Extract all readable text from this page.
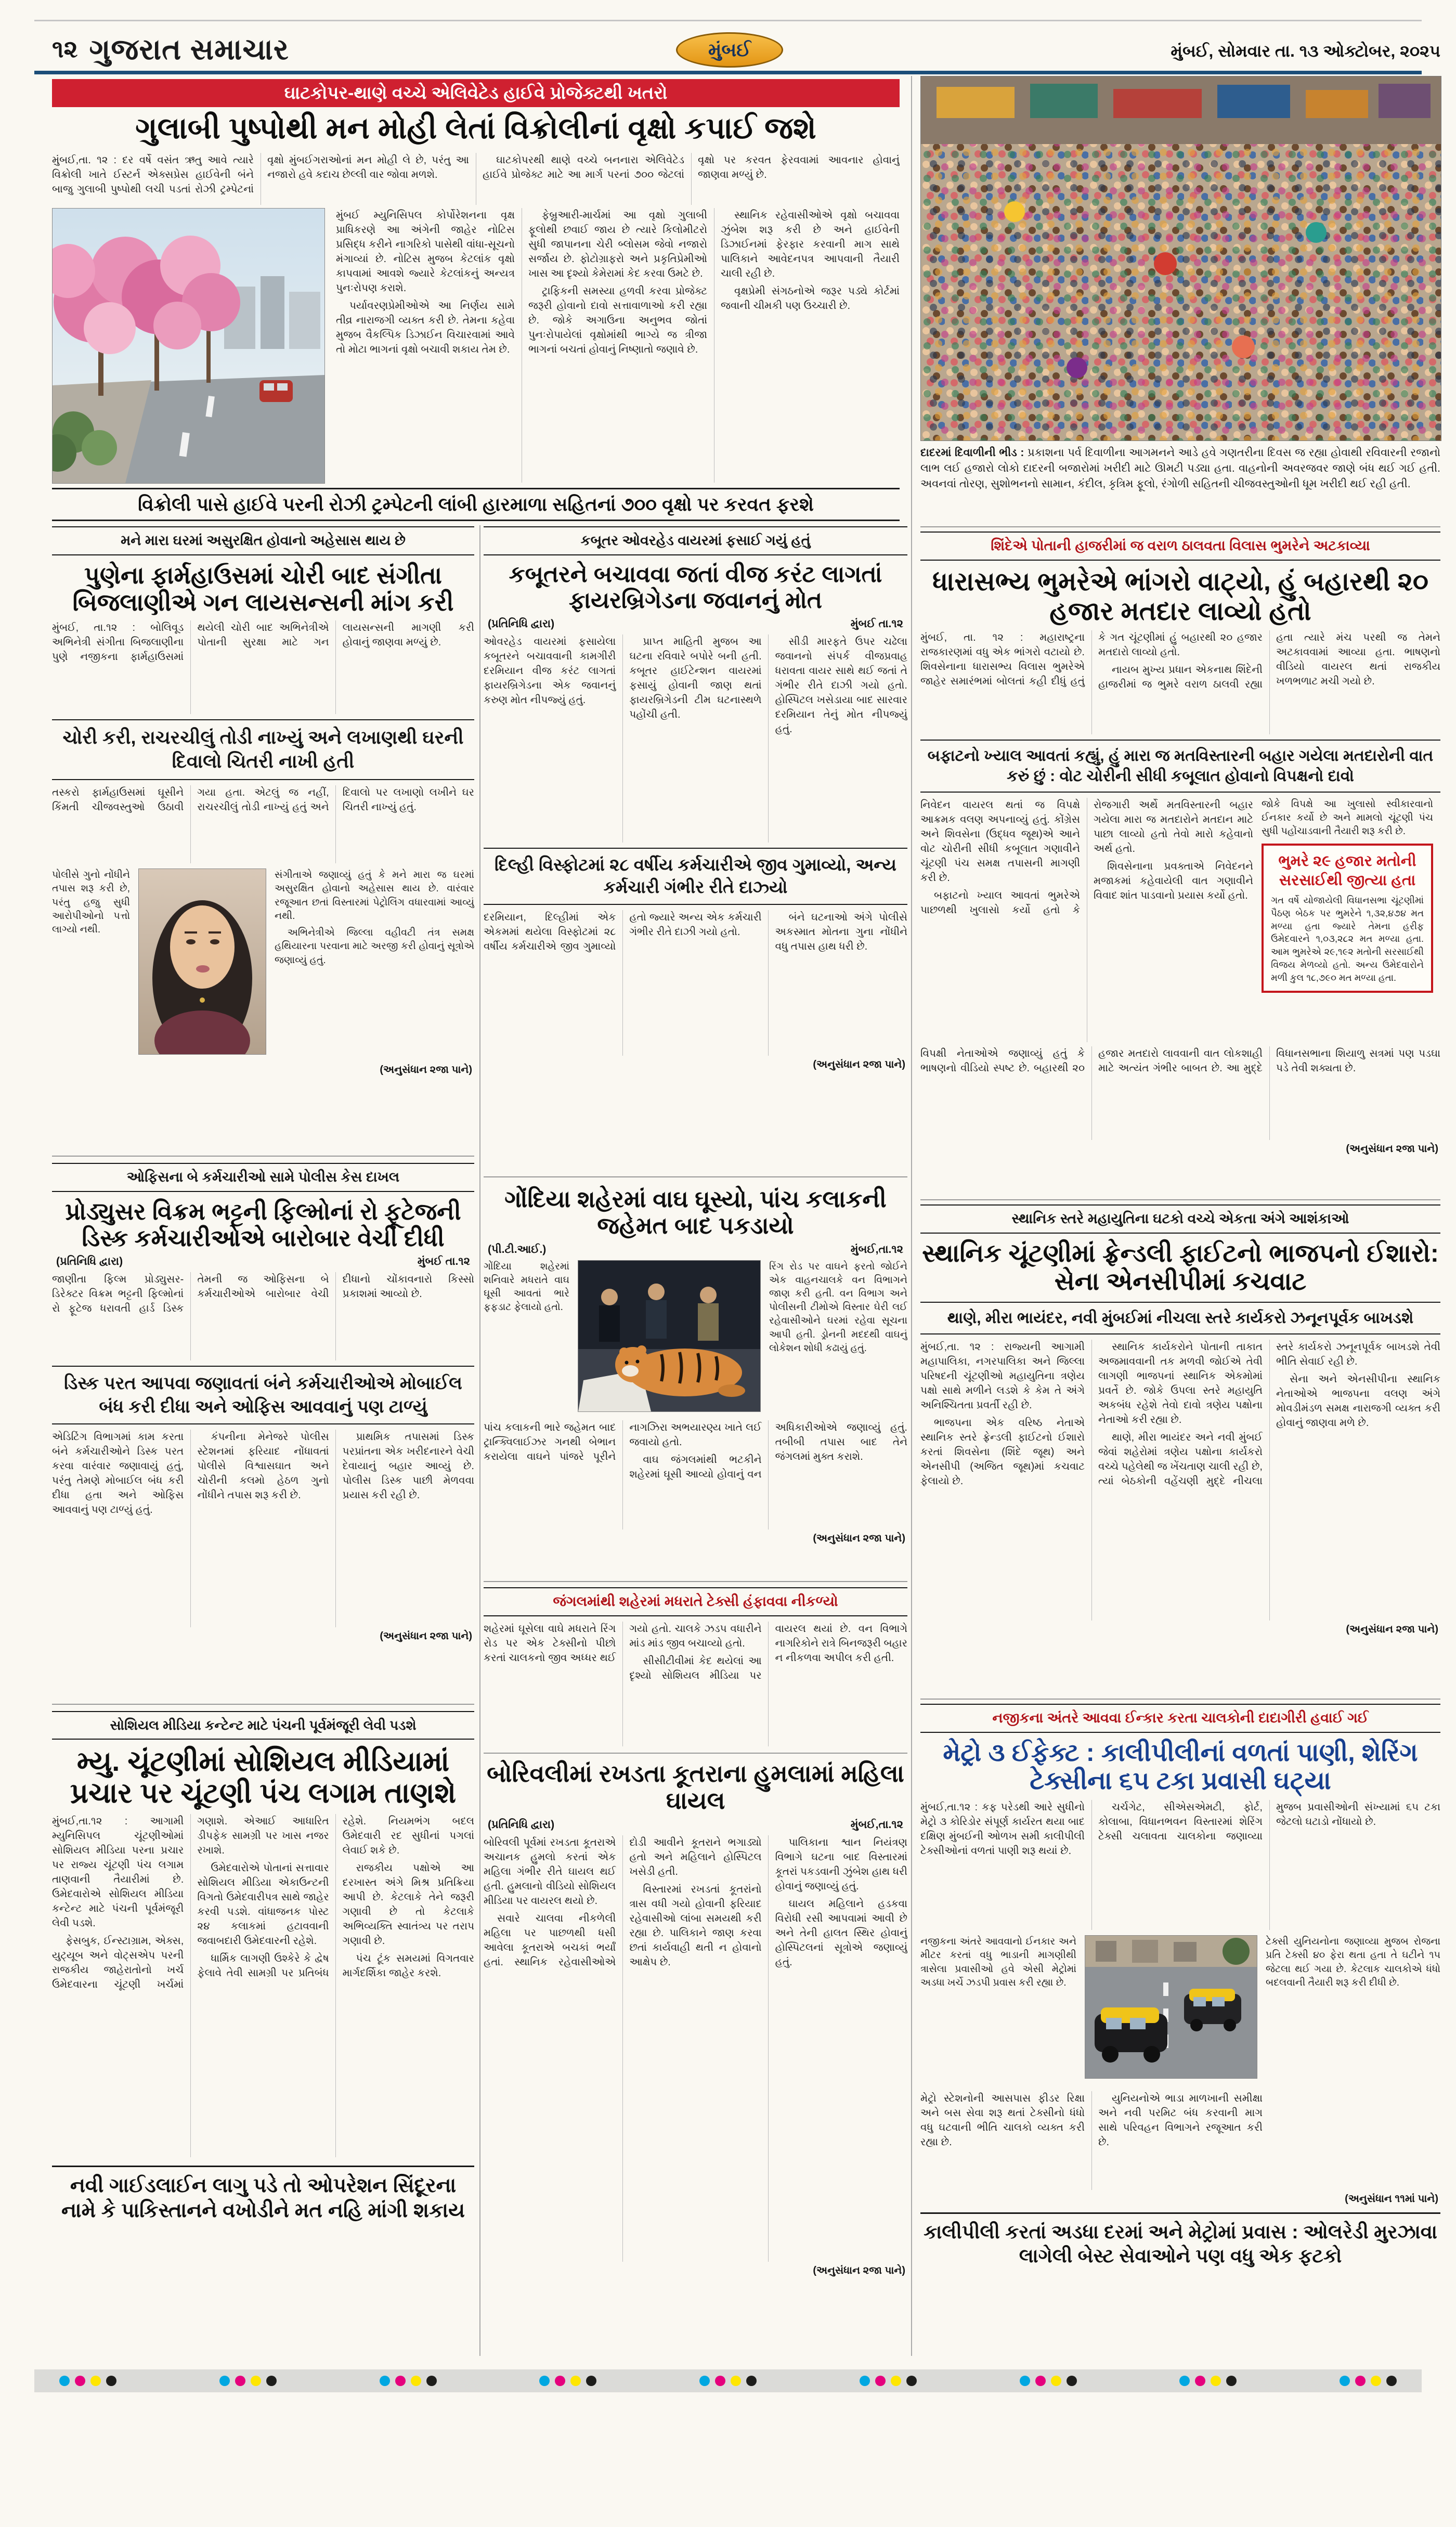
૧૨ ગુજરાત સમાચાર	મુંબઈ	મુંબઈ, સોમવાર તા. ૧૩ ઓક્ટોબર, ૨૦૨૫
ઘાટકોપર-થાણે વચ્ચે એલિવેટેડ હાઈવે પ્રોજેક્ટથી ખતરો
ગુલાબી પુષ્પોથી મન મોહી લેતાં વિક્રોલીનાં વૃક્ષો કપાઈ જશે

મુંબઈ,તા. ૧૨ : દર વર્ષે વસંત ઋતુ આવે ત્યારે વિક્રોલી ખાતે ઈસ્ટર્ન એક્સપ્રેસ હાઈવેની બંને બાજુ ગુલાબી પુષ્પોથી લચી પડતાં રોઝી ટ્રમ્પેટનાં વૃક્ષો મુંબઈગરાઓનાં મન મોહી લે છે, પરંતુ આ નજારો હવે કદાચ છેલ્લી વાર જોવા મળશે.

ઘાટકોપરથી થાણે વચ્ચે બનનારા એલિવેટેડ હાઈવે પ્રોજેક્ટ માટે આ માર્ગ પરનાં ૭૦૦ જેટલાં વૃક્ષો પર કરવત ફેરવવામાં આવનાર હોવાનું જાણવા મળ્યું છે.

મુંબઈ મ્યુનિસિપલ કોર્પોરેશનના વૃક્ષ પ્રાધિકરણે આ અંગેની જાહેર નોટિસ પ્રસિદ્ધ કરીને નાગરિકો પાસેથી વાંધા-સૂચનો મંગાવ્યાં છે. નોટિસ મુજબ કેટલાંક વૃક્ષો કાપવામાં આવશે જ્યારે કેટલાંકનું અન્યત્ર પુનઃરોપણ કરાશે.

પર્યાવરણપ્રેમીઓએ આ નિર્ણય સામે તીવ્ર નારાજગી વ્યક્ત કરી છે. તેમના કહેવા મુજબ વૈકલ્પિક ડિઝાઈન વિચારવામાં આવે તો મોટા ભાગનાં વૃક્ષો બચાવી શકાય તેમ છે.

ફેબ્રુઆરી-માર્ચમાં આ વૃક્ષો ગુલાબી ફૂલોથી છવાઈ જાય છે ત્યારે કિલોમીટરો સુધી જાપાનના ચેરી બ્લોસમ જેવો નજારો સર્જાય છે. ફોટોગ્રાફરો અને પ્રકૃતિપ્રેમીઓ ખાસ આ દૃશ્યો કેમેરામાં કેદ કરવા ઉમટે છે.

ટ્રાફિકની સમસ્યા હળવી કરવા પ્રોજેક્ટ જરૂરી હોવાનો દાવો સત્તાવાળાઓ કરી રહ્યા છે. જોકે અગાઉના અનુભવ જોતાં પુનઃરોપાયેલાં વૃક્ષોમાંથી ભાગ્યે જ ત્રીજા ભાગનાં બચતાં હોવાનું નિષ્ણાતો જણાવે છે.

સ્થાનિક રહેવાસીઓએ વૃક્ષો બચાવવા ઝુંબેશ શરૂ કરી છે અને હાઈવેની ડિઝાઈનમાં ફેરફાર કરવાની માગ સાથે પાલિકાને આવેદનપત્ર આપવાની તૈયારી ચાલી રહી છે.

વૃક્ષપ્રેમી સંગઠનોએ જરૂર પડ્યે કોર્ટમાં જવાની ચીમકી પણ ઉચ્ચારી છે.

વિક્રોલી પાસે હાઈવે પરની રોઝી ટ્રમ્પેટની લાંબી હારમાળા સહિતનાં ૭૦૦ વૃક્ષો પર કરવત ફરશે
દાદરમાં દિવાળીની ભીડ : પ્રકાશના પર્વ દિવાળીના આગમનને આડે હવે ગણતરીના દિવસ જ રહ્યા હોવાથી રવિવારની રજાનો લાભ લઈ હજારો લોકો દાદરની બજારોમાં ખરીદી માટે ઊમટી પડ્યા હતા. વાહનોની અવરજવર જાણે બંધ થઈ ગઈ હતી. અવનવાં તોરણ, સુશોભનનો સામાન, કંદીલ, કૃત્રિમ ફૂલો, રંગોળી સહિતની ચીજવસ્તુઓની ધૂમ ખરીદી થઈ રહી હતી.
શિંદેએ પોતાની હાજરીમાં જ વરાળ ઠાલવતા વિલાસ ભુમરેને અટકાવ્યા
ધારાસભ્ય ભુમરેએ ભાંગરો વાટ્યો, હું બહારથી ૨૦ હજાર મતદાર લાવ્યો હતો

મુંબઈ, તા. ૧૨ : મહારાષ્ટ્રના રાજકારણમાં વધુ એક ભાંગરો વટાયો છે. શિવસેનાના ધારાસભ્ય વિલાસ ભુમરેએ જાહેર સમારંભમાં બોલતાં કહી દીધું હતું કે ગત ચૂંટણીમાં હું બહારથી ૨૦ હજાર મતદારો લાવ્યો હતો.

નાયબ મુખ્ય પ્રધાન એકનાથ શિંદેની હાજરીમાં જ ભુમરે વરાળ ઠાલવી રહ્યા હતા ત્યારે મંચ પરથી જ તેમને અટકાવવામાં આવ્યા હતા. ભાષણનો વીડિયો વાયરલ થતાં રાજકીય ખળભળાટ મચી ગયો છે.

બફાટનો ખ્યાલ આવતાં કહ્યું, હું મારા જ મતવિસ્તારની બહાર ગયેલા મતદારોની વાત કરું છું : વોટ ચોરીની સીધી કબૂલાત હોવાનો વિપક્ષનો દાવો

નિવેદન વાયરલ થતાં જ વિપક્ષે આક્રમક વલણ અપનાવ્યું હતું. કોંગ્રેસ અને શિવસેના (ઉદ્ધવ જૂથ)એ આને વોટ ચોરીની સીધી કબૂલાત ગણાવીને ચૂંટણી પંચ સમક્ષ તપાસની માગણી કરી છે.

બફાટનો ખ્યાલ આવતાં ભુમરેએ પાછળથી ખુલાસો કર્યો હતો કે રોજગારી અર્થે મતવિસ્તારની બહાર ગયેલા મારા જ મતદારોને મતદાન માટે પાછા લાવ્યો હતો તેવો મારો કહેવાનો અર્થ હતો.

શિવસેનાના પ્રવક્તાએ નિવેદનને મજાકમાં કહેવાયેલી વાત ગણાવીને વિવાદ શાંત પાડવાનો પ્રયાસ કર્યો હતો.

જોકે વિપક્ષે આ ખુલાસો સ્વીકારવાનો ઈનકાર કર્યો છે અને મામલો ચૂંટણી પંચ સુધી પહોંચાડવાની તૈયારી શરૂ કરી છે.

ભુમરે ૨૯ હજાર મતોની સરસાઈથી જીત્યા હતા
ગત વર્ષે યોજાયેલી વિધાનસભા ચૂંટણીમાં પૈઠણ બેઠક પર ભુમરેને ૧,૩૨,૪૭૪ મત મળ્યા હતા જ્યારે તેમના હરીફ ઉમેદવારને ૧,૦૩,૨૮૨ મત મળ્યા હતા. આમ ભુમરેએ ૨૯,૧૯૨ મતોની સરસાઈથી વિજય મેળવ્યો હતો. અન્ય ઉમેદવારોને મળી કુલ ૧૮,૭૯૦ મત મળ્યા હતા.

વિપક્ષી નેતાઓએ જણાવ્યું હતું કે ભાષણનો વીડિયો સ્પષ્ટ છે. બહારથી ૨૦ હજાર મતદારો લાવવાની વાત લોકશાહી માટે અત્યંત ગંભીર બાબત છે. આ મુદ્દે વિધાનસભાના શિયાળુ સત્રમાં પણ પડઘા પડે તેવી શક્યતા છે.

(અનુસંધાન ૨જા પાને)
સ્થાનિક સ્તરે મહાયુતિના ઘટકો વચ્ચે એકતા અંગે આશંકાઓ
સ્થાનિક ચૂંટણીમાં ફ્રેન્ડલી ફાઈટનો ભાજપનો ઈશારો: સેના એનસીપીમાં કચવાટ
થાણે, મીરા ભાયંદર, નવી મુંબઈમાં નીચલા સ્તરે કાર્યકરો ઝનૂનપૂર્વક બાખડશે

મુંબઈ,તા. ૧૨ : રાજ્યની આગામી મહાપાલિકા, નગરપાલિકા અને જિલ્લા પરિષદની ચૂંટણીઓ મહાયુતિના ત્રણેય પક્ષો સાથે મળીને લડશે કે કેમ તે અંગે અનિશ્ચિતતા પ્રવર્તી રહી છે.

ભાજપના એક વરિષ્ઠ નેતાએ સ્થાનિક સ્તરે ફ્રેન્ડલી ફાઈટનો ઈશારો કરતાં શિવસેના (શિંદે જૂથ) અને એનસીપી (અજિત જૂથ)માં કચવાટ ફેલાયો છે.

સ્થાનિક કાર્યકરોને પોતાની તાકાત અજમાવવાની તક મળવી જોઈએ તેવી લાગણી ભાજપનાં સ્થાનિક એકમોમાં પ્રવર્તે છે. જોકે ઉપલા સ્તરે મહાયુતિ અકબંધ રહેશે તેવો દાવો ત્રણેય પક્ષોના નેતાઓ કરી રહ્યા છે.

થાણે, મીરા ભાયંદર અને નવી મુંબઈ જેવાં શહેરોમાં ત્રણેય પક્ષોના કાર્યકરો વચ્ચે પહેલેથી જ ખેંચતાણ ચાલી રહી છે, ત્યાં બેઠકોની વહેંચણી મુદ્દે નીચલા સ્તરે કાર્યકરો ઝનૂનપૂર્વક બાખડશે તેવી ભીતિ સેવાઈ રહી છે.

સેના અને એનસીપીના સ્થાનિક નેતાઓએ ભાજપના વલણ અંગે મોવડીમંડળ સમક્ષ નારાજગી વ્યક્ત કરી હોવાનું જાણવા મળે છે.

(અનુસંધાન ૨જા પાને)
નજીકના અંતરે આવવા ઈન્કાર કરતા ચાલકોની દાદાગીરી હવાઈ ગઈ
મેટ્રો ૩ ઈફેક્ટ : કાલીપીલીનાં વળતાં પાણી, શેરિંગ ટેક્સીના ૬૫ ટકા પ્રવાસી ઘટ્યા

મુંબઈ,તા.૧૨ : કફ પરેડથી આરે સુધીનો મેટ્રો ૩ કોરિડોર સંપૂર્ણ કાર્યરત થયા બાદ દક્ષિણ મુંબઈની ઓળખ સમી કાલીપીલી ટેક્સીઓનાં વળતાં પાણી શરૂ થયાં છે.

ચર્ચગેટ, સીએસએમટી, ફોર્ટ, કોલાબા, વિધાનભવન વિસ્તારમાં શેરિંગ ટેક્સી ચલાવતા ચાલકોના જણાવ્યા મુજબ પ્રવાસીઓની સંખ્યામાં ૬૫ ટકા જેટલો ઘટાડો નોંધાયો છે.

નજીકના અંતરે આવવાનો ઈનકાર અને મીટર કરતાં વધુ ભાડાની માગણીથી ત્રાસેલા પ્રવાસીઓ હવે એસી મેટ્રોમાં અડધા ખર્ચે ઝડપી પ્રવાસ કરી રહ્યા છે.

ટેક્સી યુનિયનોના જણાવ્યા મુજબ રોજના પ્રતિ ટેક્સી ૪૦ ફેરા થતા હતા તે ઘટીને ૧૫ જેટલા થઈ ગયા છે. કેટલાક ચાલકોએ ધંધો બદલવાની તૈયારી શરૂ કરી દીધી છે.

મેટ્રો સ્ટેશનોની આસપાસ ફીડર રિક્ષા અને બસ સેવા શરૂ થતાં ટેક્સીનો ધંધો વધુ ઘટવાની ભીતિ ચાલકો વ્યક્ત કરી રહ્યા છે.

યુનિયનોએ ભાડા માળખાની સમીક્ષા અને નવી પરમિટ બંધ કરવાની માગ સાથે પરિવહન વિભાગને રજૂઆત કરી છે.

(અનુસંધાન ૧૧માં પાને)
કાલીપીલી કરતાં અડધા દરમાં અને મેટ્રોમાં પ્રવાસ : ઓલરેડી મુરઝાવા લાગેલી બેસ્ટ સેવાઓને પણ વધુ એક ફટકો
મને મારા ઘરમાં અસુરક્ષિત હોવાનો અહેસાસ થાય છે
પુણેના ફાર્મહાઉસમાં ચોરી બાદ સંગીતા બિજલાણીએ ગન લાયસન્સની માંગ કરી

મુંબઈ, તા.૧૨ : બોલિવૂડ અભિનેત્રી સંગીતા બિજલાણીના પુણે નજીકના ફાર્મહાઉસમાં થયેલી ચોરી બાદ અભિનેત્રીએ પોતાની સુરક્ષા માટે ગન લાયસન્સની માગણી કરી હોવાનું જાણવા મળ્યું છે.

ચોરી કરી, રાચરચીલું તોડી નાખ્યું અને લખાણથી ઘરની દિવાલો ચિતરી નાખી હતી

તસ્કરો ફાર્મહાઉસમાં ઘૂસીને કિંમતી ચીજવસ્તુઓ ઉઠાવી ગયા હતા. એટલું જ નહીં, રાચરચીલું તોડી નાખ્યું હતું અને દિવાલો પર લખાણો લખીને ઘર ચિતરી નાખ્યું હતું.

પોલીસે ગુનો નોંધીને તપાસ શરૂ કરી છે, પરંતુ હજુ સુધી આરોપીઓનો પત્તો લાગ્યો નથી.

સંગીતાએ જણાવ્યું હતું કે મને મારા જ ઘરમાં અસુરક્ષિત હોવાનો અહેસાસ થાય છે. વારંવાર રજૂઆત છતાં વિસ્તારમાં પેટ્રોલિંગ વધારવામાં આવ્યું નથી.

અભિનેત્રીએ જિલ્લા વહીવટી તંત્ર સમક્ષ હથિયારના પરવાના માટે અરજી કરી હોવાનું સૂત્રોએ જણાવ્યું હતું.

(અનુસંધાન ૨જા પાને)
ઓફિસના બે કર્મચારીઓ સામે પોલીસ કેસ દાખલ
પ્રોડ્યુસર વિક્રમ ભટ્ટની ફિલ્મોનાં રો ફૂટેજની ડિસ્ક કર્મચારીઓએ બારોબાર વેચી દીધી
(પ્રતિનિધિ દ્વારા)	મુંબઈ તા.૧૨

જાણીતા ફિલ્મ પ્રોડ્યુસર-ડિરેક્ટર વિક્રમ ભટ્ટની ફિલ્મોનાં રો ફૂટેજ ધરાવતી હાર્ડ ડિસ્ક તેમની જ ઓફિસના બે કર્મચારીઓએ બારોબાર વેચી દીધાનો ચોંકાવનારો કિસ્સો પ્રકાશમાં આવ્યો છે.

ડિસ્ક પરત આપવા જણાવતાં બંને કર્મચારીઓએ મોબાઈલ બંધ કરી દીધા અને ઓફિસ આવવાનું પણ ટાળ્યું

એડિટિંગ વિભાગમાં કામ કરતા બંને કર્મચારીઓને ડિસ્ક પરત કરવા વારંવાર જણાવાયું હતું, પરંતુ તેમણે મોબાઈલ બંધ કરી દીધા હતા અને ઓફિસ આવવાનું પણ ટાળ્યું હતું.

કંપનીના મેનેજરે પોલીસ સ્ટેશનમાં ફરિયાદ નોંધાવતાં પોલીસે વિશ્વાસઘાત અને ચોરીની કલમો હેઠળ ગુનો નોંધીને તપાસ શરૂ કરી છે.

પ્રાથમિક તપાસમાં ડિસ્ક પરપ્રાંતના એક ખરીદનારને વેચી દેવાયાનું બહાર આવ્યું છે. પોલીસ ડિસ્ક પાછી મેળવવા પ્રયાસ કરી રહી છે.

(અનુસંધાન ૨જા પાને)
સોશિયલ મીડિયા કન્ટેન્ટ માટે પંચની પૂર્વમંજૂરી લેવી પડશે
મ્યુ. ચૂંટણીમાં સોશિયલ મીડિયામાં પ્રચાર પર ચૂંટણી પંચ લગામ તાણશે

મુંબઈ,તા.૧૨ : આગામી મ્યુનિસિપલ ચૂંટણીઓમાં સોશિયલ મીડિયા પરના પ્રચાર પર રાજ્ય ચૂંટણી પંચ લગામ તાણવાની તૈયારીમાં છે. ઉમેદવારોએ સોશિયલ મીડિયા કન્ટેન્ટ માટે પંચની પૂર્વમંજૂરી લેવી પડશે.

ફેસબુક, ઈન્સ્ટાગ્રામ, એક્સ, યુટ્યૂબ અને વોટ્સએપ પરની રાજકીય જાહેરાતોનો ખર્ચ ઉમેદવારના ચૂંટણી ખર્ચમાં ગણાશે. એઆઈ આધારિત ડીપફેક સામગ્રી પર ખાસ નજર રખાશે.

ઉમેદવારોએ પોતાનાં સત્તાવાર સોશિયલ મીડિયા એકાઉન્ટની વિગતો ઉમેદવારીપત્ર સાથે જાહેર કરવી પડશે. વાંધાજનક પોસ્ટ ૨૪ કલાકમાં હટાવવાની જવાબદારી ઉમેદવારની રહેશે.

ધાર્મિક લાગણી ઉશ્કેરે કે દ્વેષ ફેલાવે તેવી સામગ્રી પર પ્રતિબંધ રહેશે. નિયમભંગ બદલ ઉમેદવારી રદ સુધીનાં પગલાં લેવાઈ શકે છે.

રાજકીય પક્ષોએ આ દરખાસ્ત અંગે મિશ્ર પ્રતિક્રિયા આપી છે. કેટલાકે તેને જરૂરી ગણાવી છે તો કેટલાકે અભિવ્યક્તિ સ્વાતંત્ર્ય પર તરાપ ગણાવી છે.

પંચ ટૂંક સમયમાં વિગતવાર માર્ગદર્શિકા જાહેર કરશે.

નવી ગાઈડલાઈન લાગુ પડે તો ઓપરેશન સિંદૂરના નામે કે પાકિસ્તાનને વખોડીને મત નહિ માંગી શકાય
કબૂતર ઓવરહેડ વાયરમાં ફસાઈ ગયું હતું
કબૂતરને બચાવવા જતાં વીજ કરંટ લાગતાં ફાયરબ્રિગેડના જવાનનું મોત
(પ્રતિનિધિ દ્વારા)	મુંબઈ તા.૧૨

ઓવરહેડ વાયરમાં ફસાયેલા કબૂતરને બચાવવાની કામગીરી દરમિયાન વીજ કરંટ લાગતાં ફાયરબ્રિગેડના એક જવાનનું કરુણ મોત નીપજ્યું હતું.

પ્રાપ્ત માહિતી મુજબ આ ઘટના રવિવારે બપોરે બની હતી. કબૂતર હાઈટેન્શન વાયરમાં ફસાયું હોવાની જાણ થતાં ફાયરબ્રિગેડની ટીમ ઘટનાસ્થળે પહોંચી હતી.

સીડી મારફતે ઉપર ચઢેલા જવાનનો સંપર્ક વીજપ્રવાહ ધરાવતા વાયર સાથે થઈ જતાં તે ગંભીર રીતે દાઝી ગયો હતો. હોસ્પિટલ ખસેડાયા બાદ સારવાર દરમિયાન તેનું મોત નીપજ્યું હતું.

દિલ્હી વિસ્ફોટમાં ૨૮ વર્ષીય કર્મચારીએ જીવ ગુમાવ્યો, અન્ય કર્મચારી ગંભીર રીતે દાઝ્યો

દરમિયાન, દિલ્હીમાં એક એકમમાં થયેલા વિસ્ફોટમાં ૨૮ વર્ષીય કર્મચારીએ જીવ ગુમાવ્યો હતો જ્યારે અન્ય એક કર્મચારી ગંભીર રીતે દાઝી ગયો હતો.

બંને ઘટનાઓ અંગે પોલીસે અકસ્માત મોતના ગુના નોંધીને વધુ તપાસ હાથ ધરી છે.

(અનુસંધાન ૨જા પાને)
ગોંદિયા શહેરમાં વાઘ ઘૂસ્યો, પાંચ કલાકની જહેમત બાદ પકડાયો
(પી.ટી.આઈ.)	મુંબઈ,તા.૧૨

ગોંદિયા શહેરમાં શનિવારે મધરાતે વાઘ ઘૂસી આવતાં ભારે ફફડાટ ફેલાયો હતો.

રિંગ રોડ પર વાઘને ફરતો જોઈને એક વાહનચાલકે વન વિભાગને જાણ કરી હતી. વન વિભાગ અને પોલીસની ટીમોએ વિસ્તાર ઘેરી લઈ રહેવાસીઓને ઘરમાં રહેવા સૂચના આપી હતી. ડ્રોનની મદદથી વાઘનું લોકેશન શોધી કઢાયું હતું.

પાંચ કલાકની ભારે જહેમત બાદ ટ્રાન્ક્વિલાઈઝર ગનથી બેભાન કરાયેલા વાઘને પાંજરે પૂરીને નાગઝિરા અભયારણ્ય ખાતે લઈ જવાયો હતો.

વાઘ જંગલમાંથી ભટકીને શહેરમાં ઘૂસી આવ્યો હોવાનું વન અધિકારીઓએ જણાવ્યું હતું. તબીબી તપાસ બાદ તેને જંગલમાં મુક્ત કરાશે.

(અનુસંધાન ૨જા પાને)
જંગલમાંથી શહેરમાં મધરાતે ટેક્સી હંફાવવા નીકળ્યો

શહેરમાં ઘૂસેલા વાઘે મધરાતે રિંગ રોડ પર એક ટેક્સીનો પીછો કરતાં ચાલકનો જીવ અધ્ધર થઈ ગયો હતો. ચાલકે ઝડપ વધારીને માંડ માંડ જીવ બચાવ્યો હતો.

સીસીટીવીમાં કેદ થયેલાં આ દૃશ્યો સોશિયલ મીડિયા પર વાયરલ થયાં છે. વન વિભાગે નાગરિકોને રાત્રે બિનજરૂરી બહાર ન નીકળવા અપીલ કરી હતી.

બોરિવલીમાં રખડતા કૂતરાના હુમલામાં મહિલા ઘાયલ
(પ્રતિનિધિ દ્વારા)	મુંબઈ,તા.૧૨

બોરિવલી પૂર્વમાં રખડતા કૂતરાએ અચાનક હુમલો કરતાં એક મહિલા ગંભીર રીતે ઘાયલ થઈ હતી. હુમલાનો વીડિયો સોશિયલ મીડિયા પર વાયરલ થયો છે.

સવારે ચાલવા નીકળેલી મહિલા પર પાછળથી ધસી આવેલા કૂતરાએ બચકાં ભર્યાં હતાં. સ્થાનિક રહેવાસીઓએ દોડી આવીને કૂતરાને ભગાડ્યો હતો અને મહિલાને હોસ્પિટલ ખસેડી હતી.

વિસ્તારમાં રખડતાં કૂતરાંનો ત્રાસ વધી ગયો હોવાની ફરિયાદ રહેવાસીઓ લાંબા સમયથી કરી રહ્યા છે. પાલિકાને જાણ કરવા છતાં કાર્યવાહી થતી ન હોવાનો આક્ષેપ છે.

પાલિકાના શ્વાન નિયંત્રણ વિભાગે ઘટના બાદ વિસ્તારમાં કૂતરાં પકડવાની ઝુંબેશ હાથ ધરી હોવાનું જણાવ્યું હતું.

ઘાયલ મહિલાને હડકવા વિરોધી રસી આપવામાં આવી છે અને તેની હાલત સ્થિર હોવાનું હોસ્પિટલનાં સૂત્રોએ જણાવ્યું હતું.

(અનુસંધાન ૨જા પાને)
